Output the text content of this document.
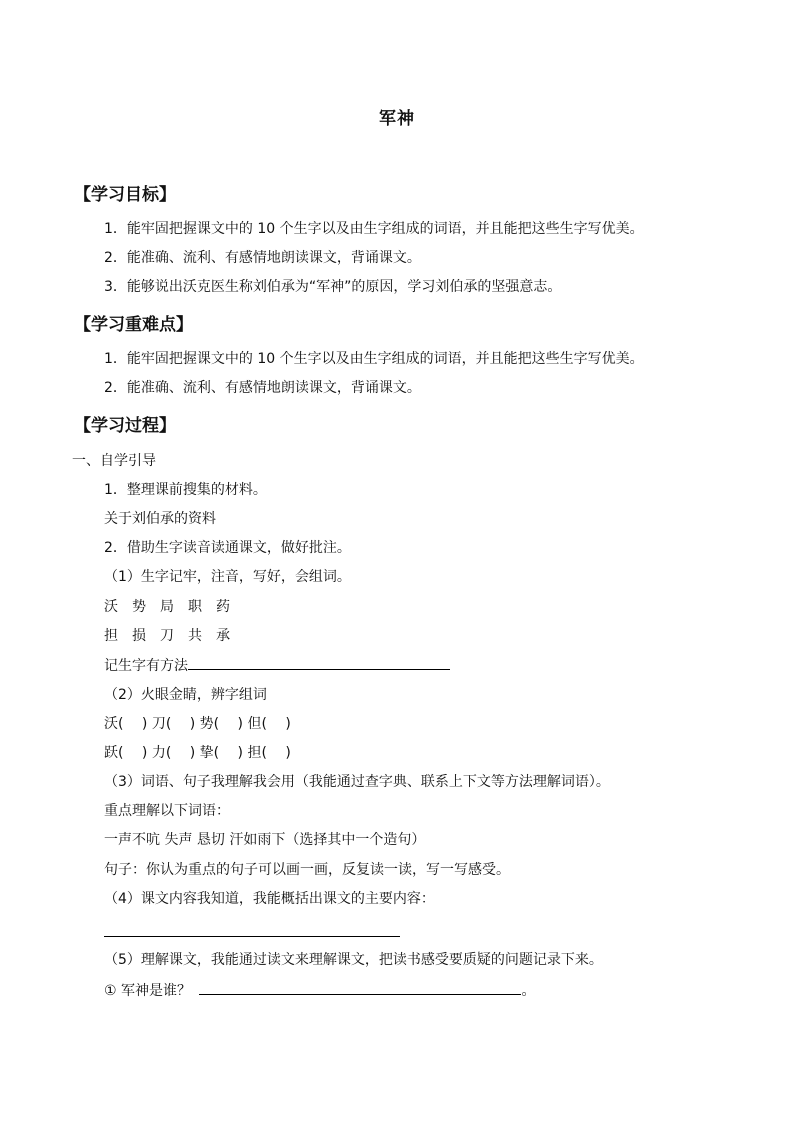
军神
【学习目标】
1．能牢固把握课文中的 10 个生字以及由生字组成的词语，并且能把这些生字写优美。
2．能准确、流利、有感情地朗读课文，背诵课文。
3．能够说出沃克医生称刘伯承为“军神”的原因，学习刘伯承的坚强意志。
【学习重难点】
1．能牢固把握课文中的 10 个生字以及由生字组成的词语，并且能把这些生字写优美。
2．能准确、流利、有感情地朗读课文，背诵课文。
【学习过程】
一、自学引导
1．整理课前搜集的材料。
关于刘伯承的资料
2．借助生字读音读通课文，做好批注。
（1）生字记牢，注音，写好，会组词。
沃　势　局　职　药
担　损　刀　共　承
记生字有方法
（2）火眼金睛，辨字组词
沃(　 ) 刀(　 ) 势(　 ) 但(　 )
跃(　 ) 力(　 ) 挚(　 ) 担(　 )
（3）词语、句子我理解我会用（我能通过查字典、联系上下文等方法理解词语）。
重点理解以下词语：
一声不吭 失声 恳切 汗如雨下（选择其中一个造句）
句子：你认为重点的句子可以画一画，反复读一读，写一写感受。
（4）课文内容我知道，我能概括出课文的主要内容：
（5）理解课文，我能通过读文来理解课文，把读书感受要质疑的问题记录下来。
① 军神是谁？	。
